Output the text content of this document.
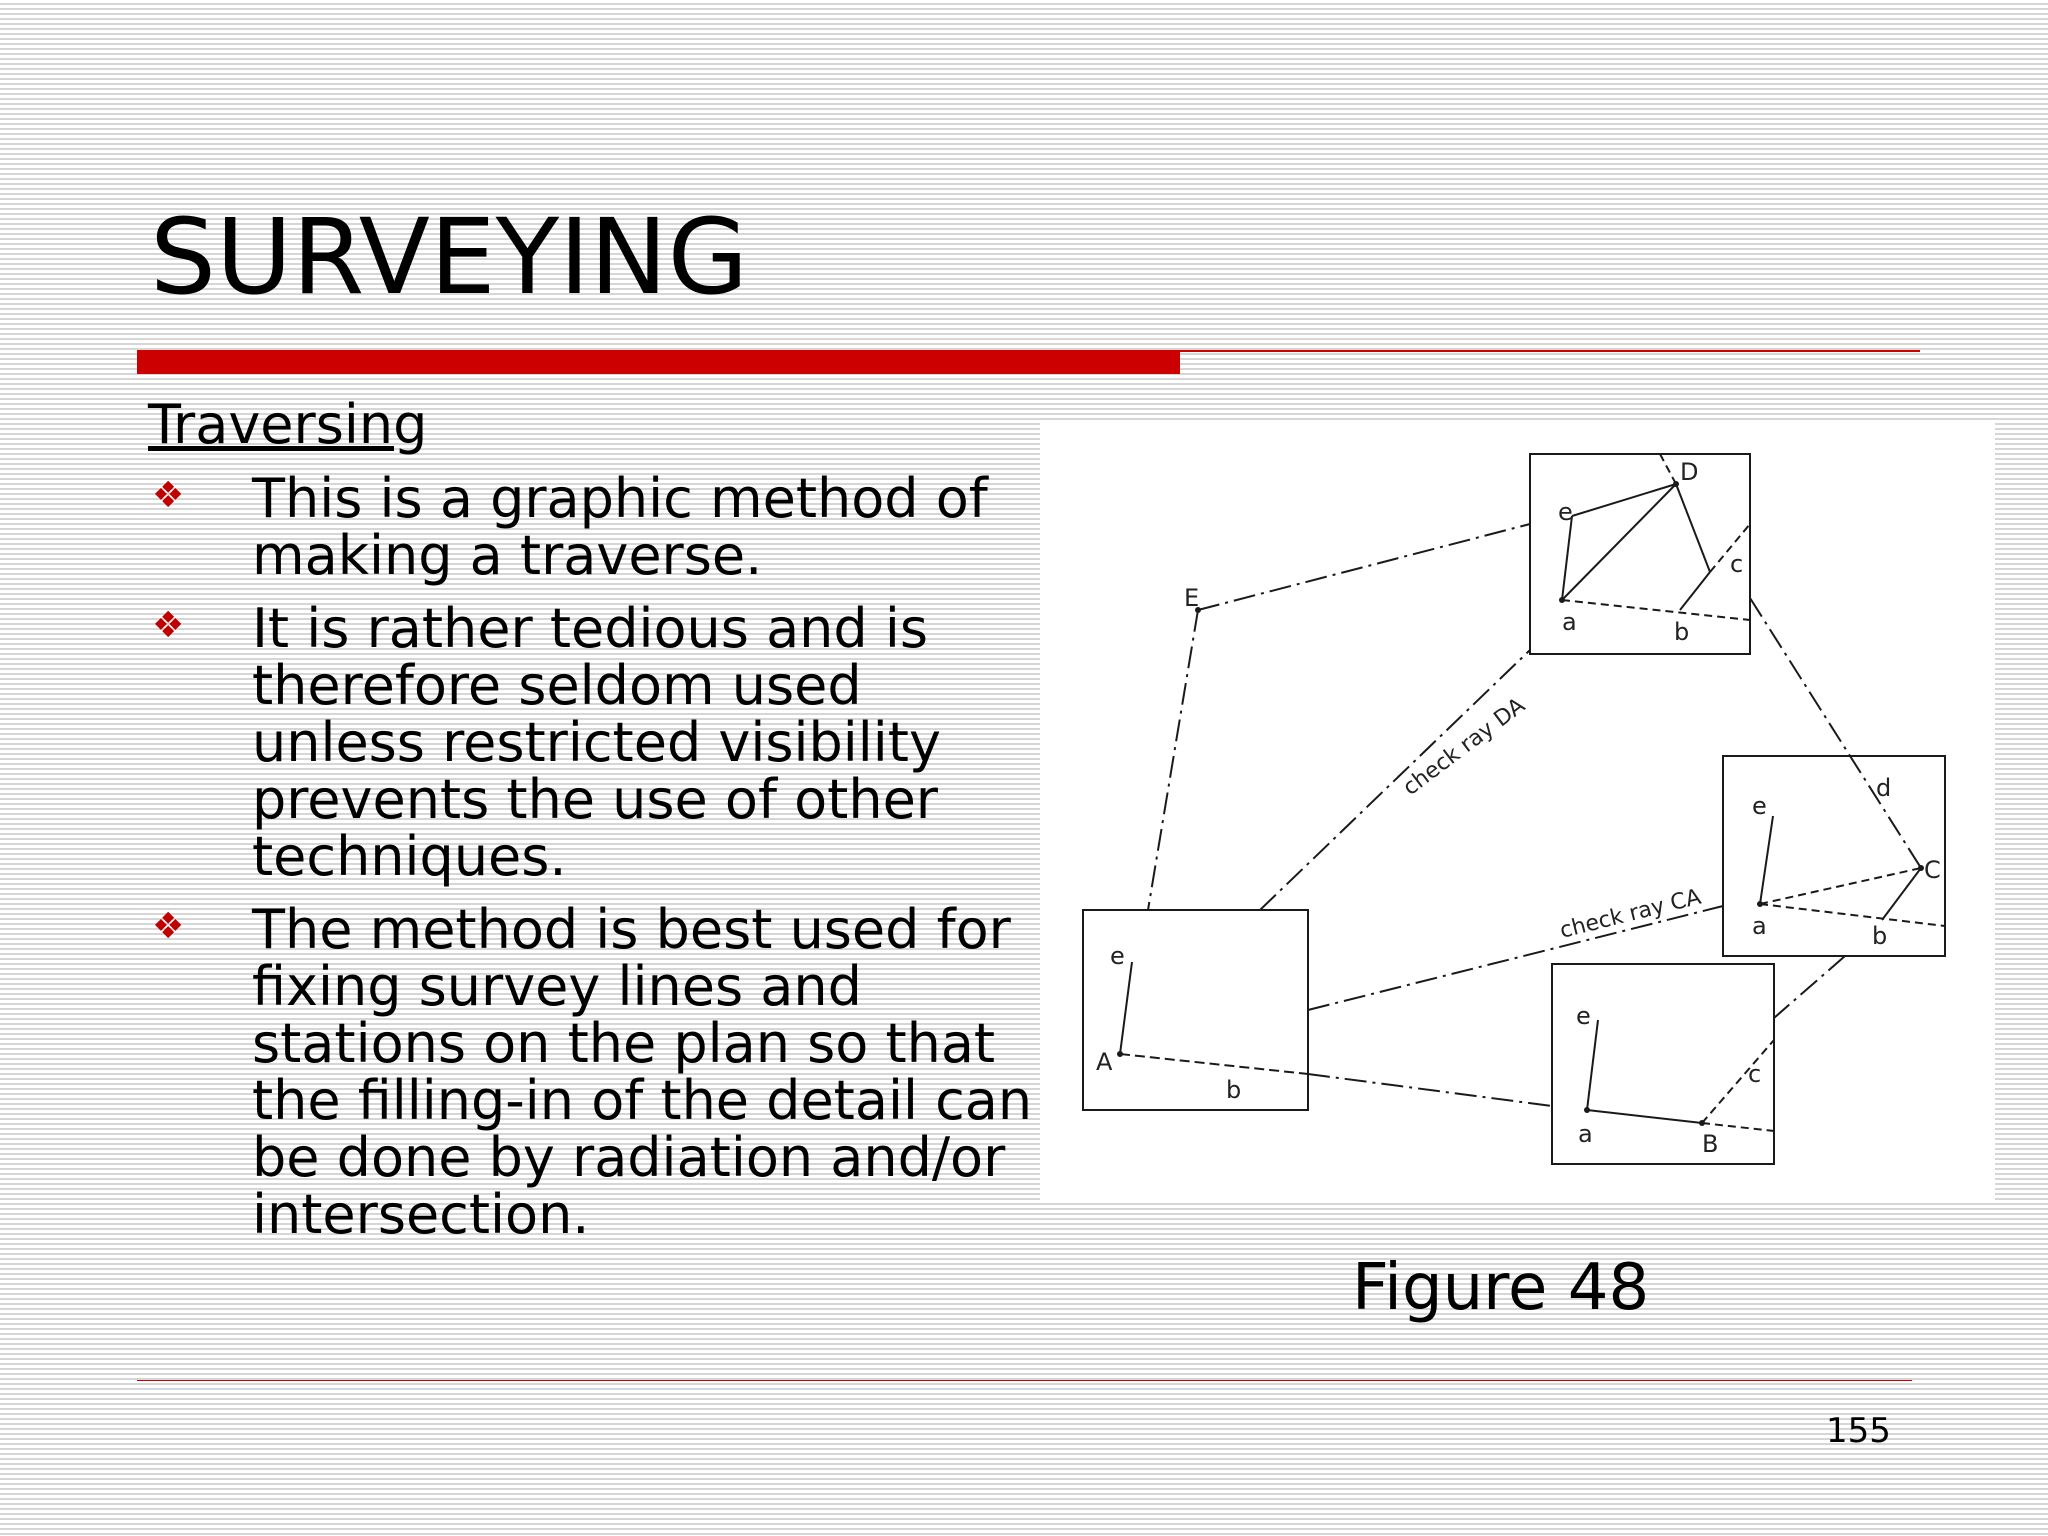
SURVEYING
Traversing
❖	This is a graphic method of making a traverse.
❖	It is rather tedious and is therefore seldom used unless restricted visibility prevents the use of other techniques.
❖	The method is best used for fixing survey lines and stations on the plan so that the filling-in of the detail can be done by radiation and/or intersection.
A
e
b
E
D
e
a	b
c
C
d
e
a	b
e
a	B
c
check ray DA
check ray CA
Figure 48
155
